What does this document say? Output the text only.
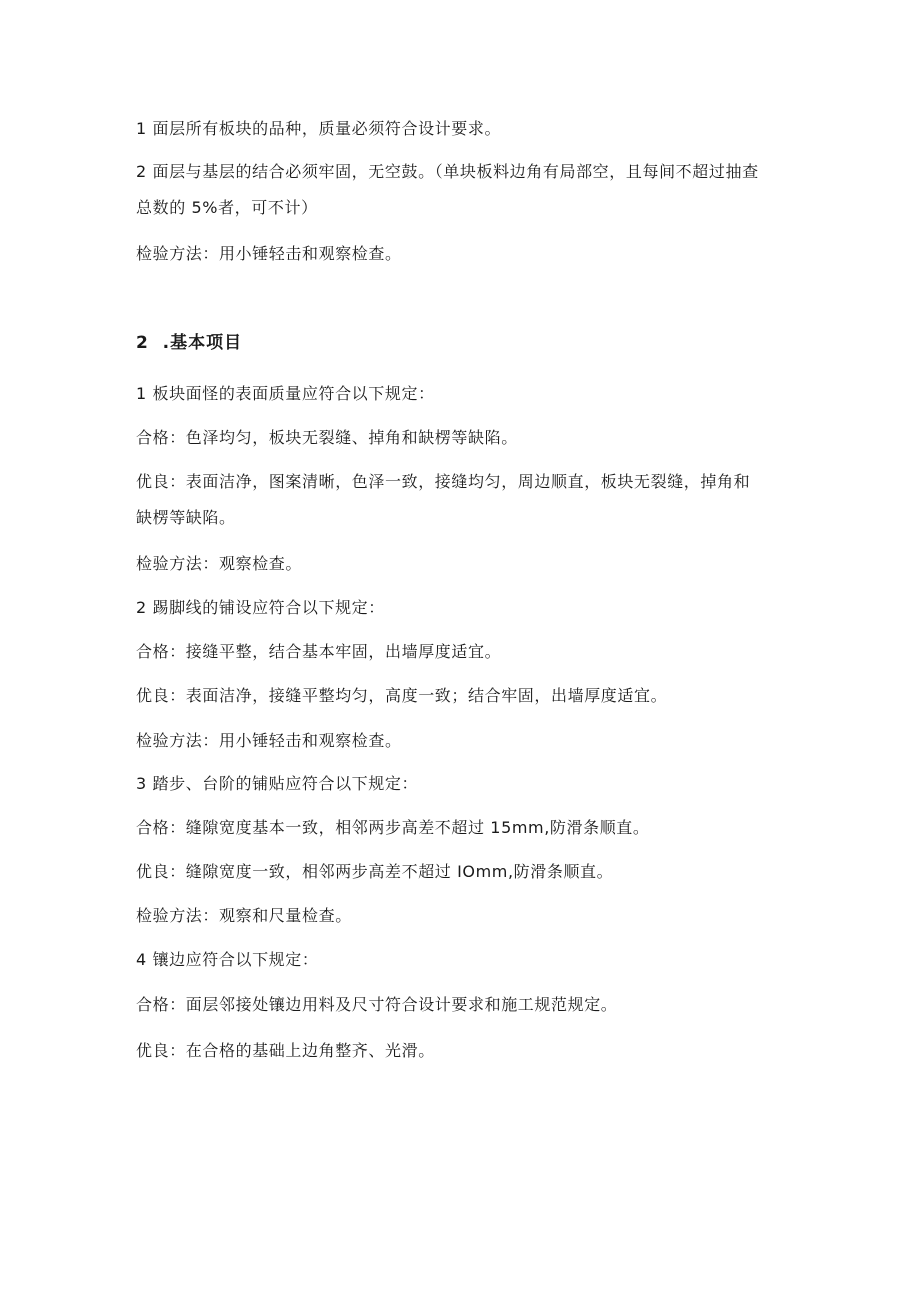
1 面层所有板块的品种，质量必须符合设计要求。
2 面层与基层的结合必须牢固，无空鼓。（单块板料边角有局部空，且每间不超过抽查
总数的 5%者，可不计）
检验方法：用小锤轻击和观察检查。
2  .基本项目
1 板块面怪的表面质量应符合以下规定：
合格：色泽均匀，板块无裂缝、掉角和缺楞等缺陷。
优良：表面洁净，图案清晰，色泽一致，接缝均匀，周边顺直，板块无裂缝，掉角和
缺楞等缺陷。
检验方法：观察检查。
2 踢脚线的铺设应符合以下规定：
合格：接缝平整，结合基本牢固，出墙厚度适宜。
优良：表面洁净，接缝平整均匀，高度一致；结合牢固，出墙厚度适宜。
检验方法：用小锤轻击和观察检查。
3 踏步、台阶的铺贴应符合以下规定：
合格：缝隙宽度基本一致，相邻两步高差不超过 15mm,防滑条顺直。
优良：缝隙宽度一致，相邻两步高差不超过 IOmm,防滑条顺直。
检验方法：观察和尺量检查。
4 镶边应符合以下规定：
合格：面层邻接处镶边用料及尺寸符合设计要求和施工规范规定。
优良：在合格的基础上边角整齐、光滑。
